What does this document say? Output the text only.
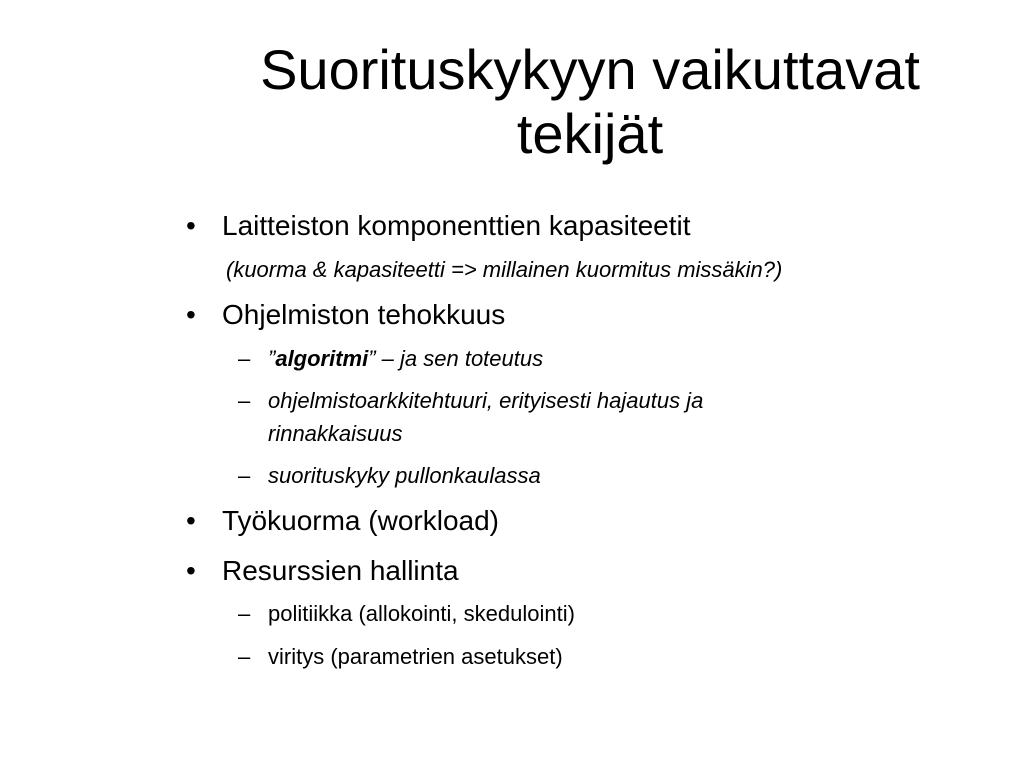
Suorituskykyyn vaikuttavat
tekijät
• Laitteiston komponenttien kapasiteetit
(kuorma & kapasiteetti => millainen kuormitus missäkin?)
• Ohjelmiston tehokkuus
– ”algoritmi” – ja sen toteutus
– ohjelmistoarkkitehtuuri, erityisesti hajautus ja
rinnakkaisuus
– suorituskyky pullonkaulassa
• Työkuorma (workload)
• Resurssien hallinta
– politiikka (allokointi, skedulointi)
– viritys (parametrien asetukset)
